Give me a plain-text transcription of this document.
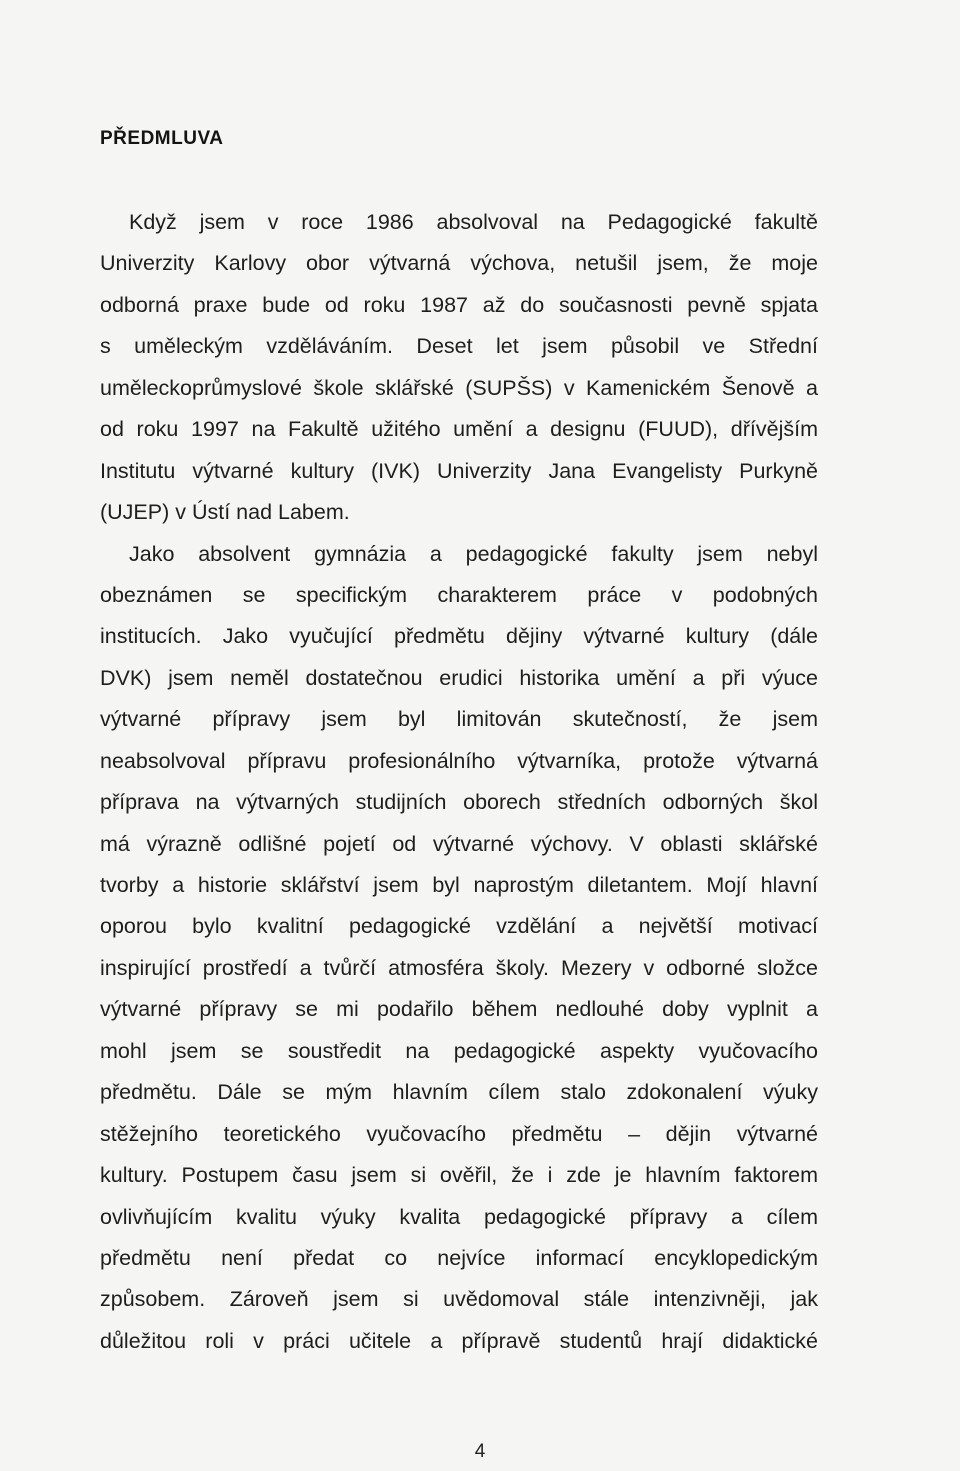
PŘEDMLUVA
Když jsem v roce 1986 absolvoval na Pedagogické fakultě
Univerzity Karlovy obor výtvarná výchova, netušil jsem, že moje
odborná praxe bude od roku 1987 až do současnosti pevně spjata
s uměleckým vzděláváním. Deset let jsem působil ve Střední
uměleckoprůmyslové škole sklářské (SUPŠS) v Kamenickém Šenově a
od roku 1997 na Fakultě užitého umění a designu (FUUD), dřívějším
Institutu výtvarné kultury (IVK) Univerzity Jana Evangelisty Purkyně
(UJEP) v Ústí nad Labem.
Jako absolvent gymnázia a pedagogické fakulty jsem nebyl
obeznámen se specifickým charakterem práce v podobných
institucích. Jako vyučující předmětu dějiny výtvarné kultury (dále
DVK) jsem neměl dostatečnou erudici historika umění a při výuce
výtvarné přípravy jsem byl limitován skutečností, že jsem
neabsolvoval přípravu profesionálního výtvarníka, protože výtvarná
příprava na výtvarných studijních oborech středních odborných škol
má výrazně odlišné pojetí od výtvarné výchovy. V oblasti sklářské
tvorby a historie sklářství jsem byl naprostým diletantem. Mojí hlavní
oporou bylo kvalitní pedagogické vzdělání a největší motivací
inspirující prostředí a tvůrčí atmosféra školy. Mezery v odborné složce
výtvarné přípravy se mi podařilo během nedlouhé doby vyplnit a
mohl jsem se soustředit na pedagogické aspekty vyučovacího
předmětu. Dále se mým hlavním cílem stalo zdokonalení výuky
stěžejního teoretického vyučovacího předmětu – dějin výtvarné
kultury. Postupem času jsem si ověřil, že i zde je hlavním faktorem
ovlivňujícím kvalitu výuky kvalita pedagogické přípravy a cílem
předmětu není předat co nejvíce informací encyklopedickým
způsobem. Zároveň jsem si uvědomoval stále intenzivněji, jak
důležitou roli v práci učitele a přípravě studentů hrají didaktické
4
